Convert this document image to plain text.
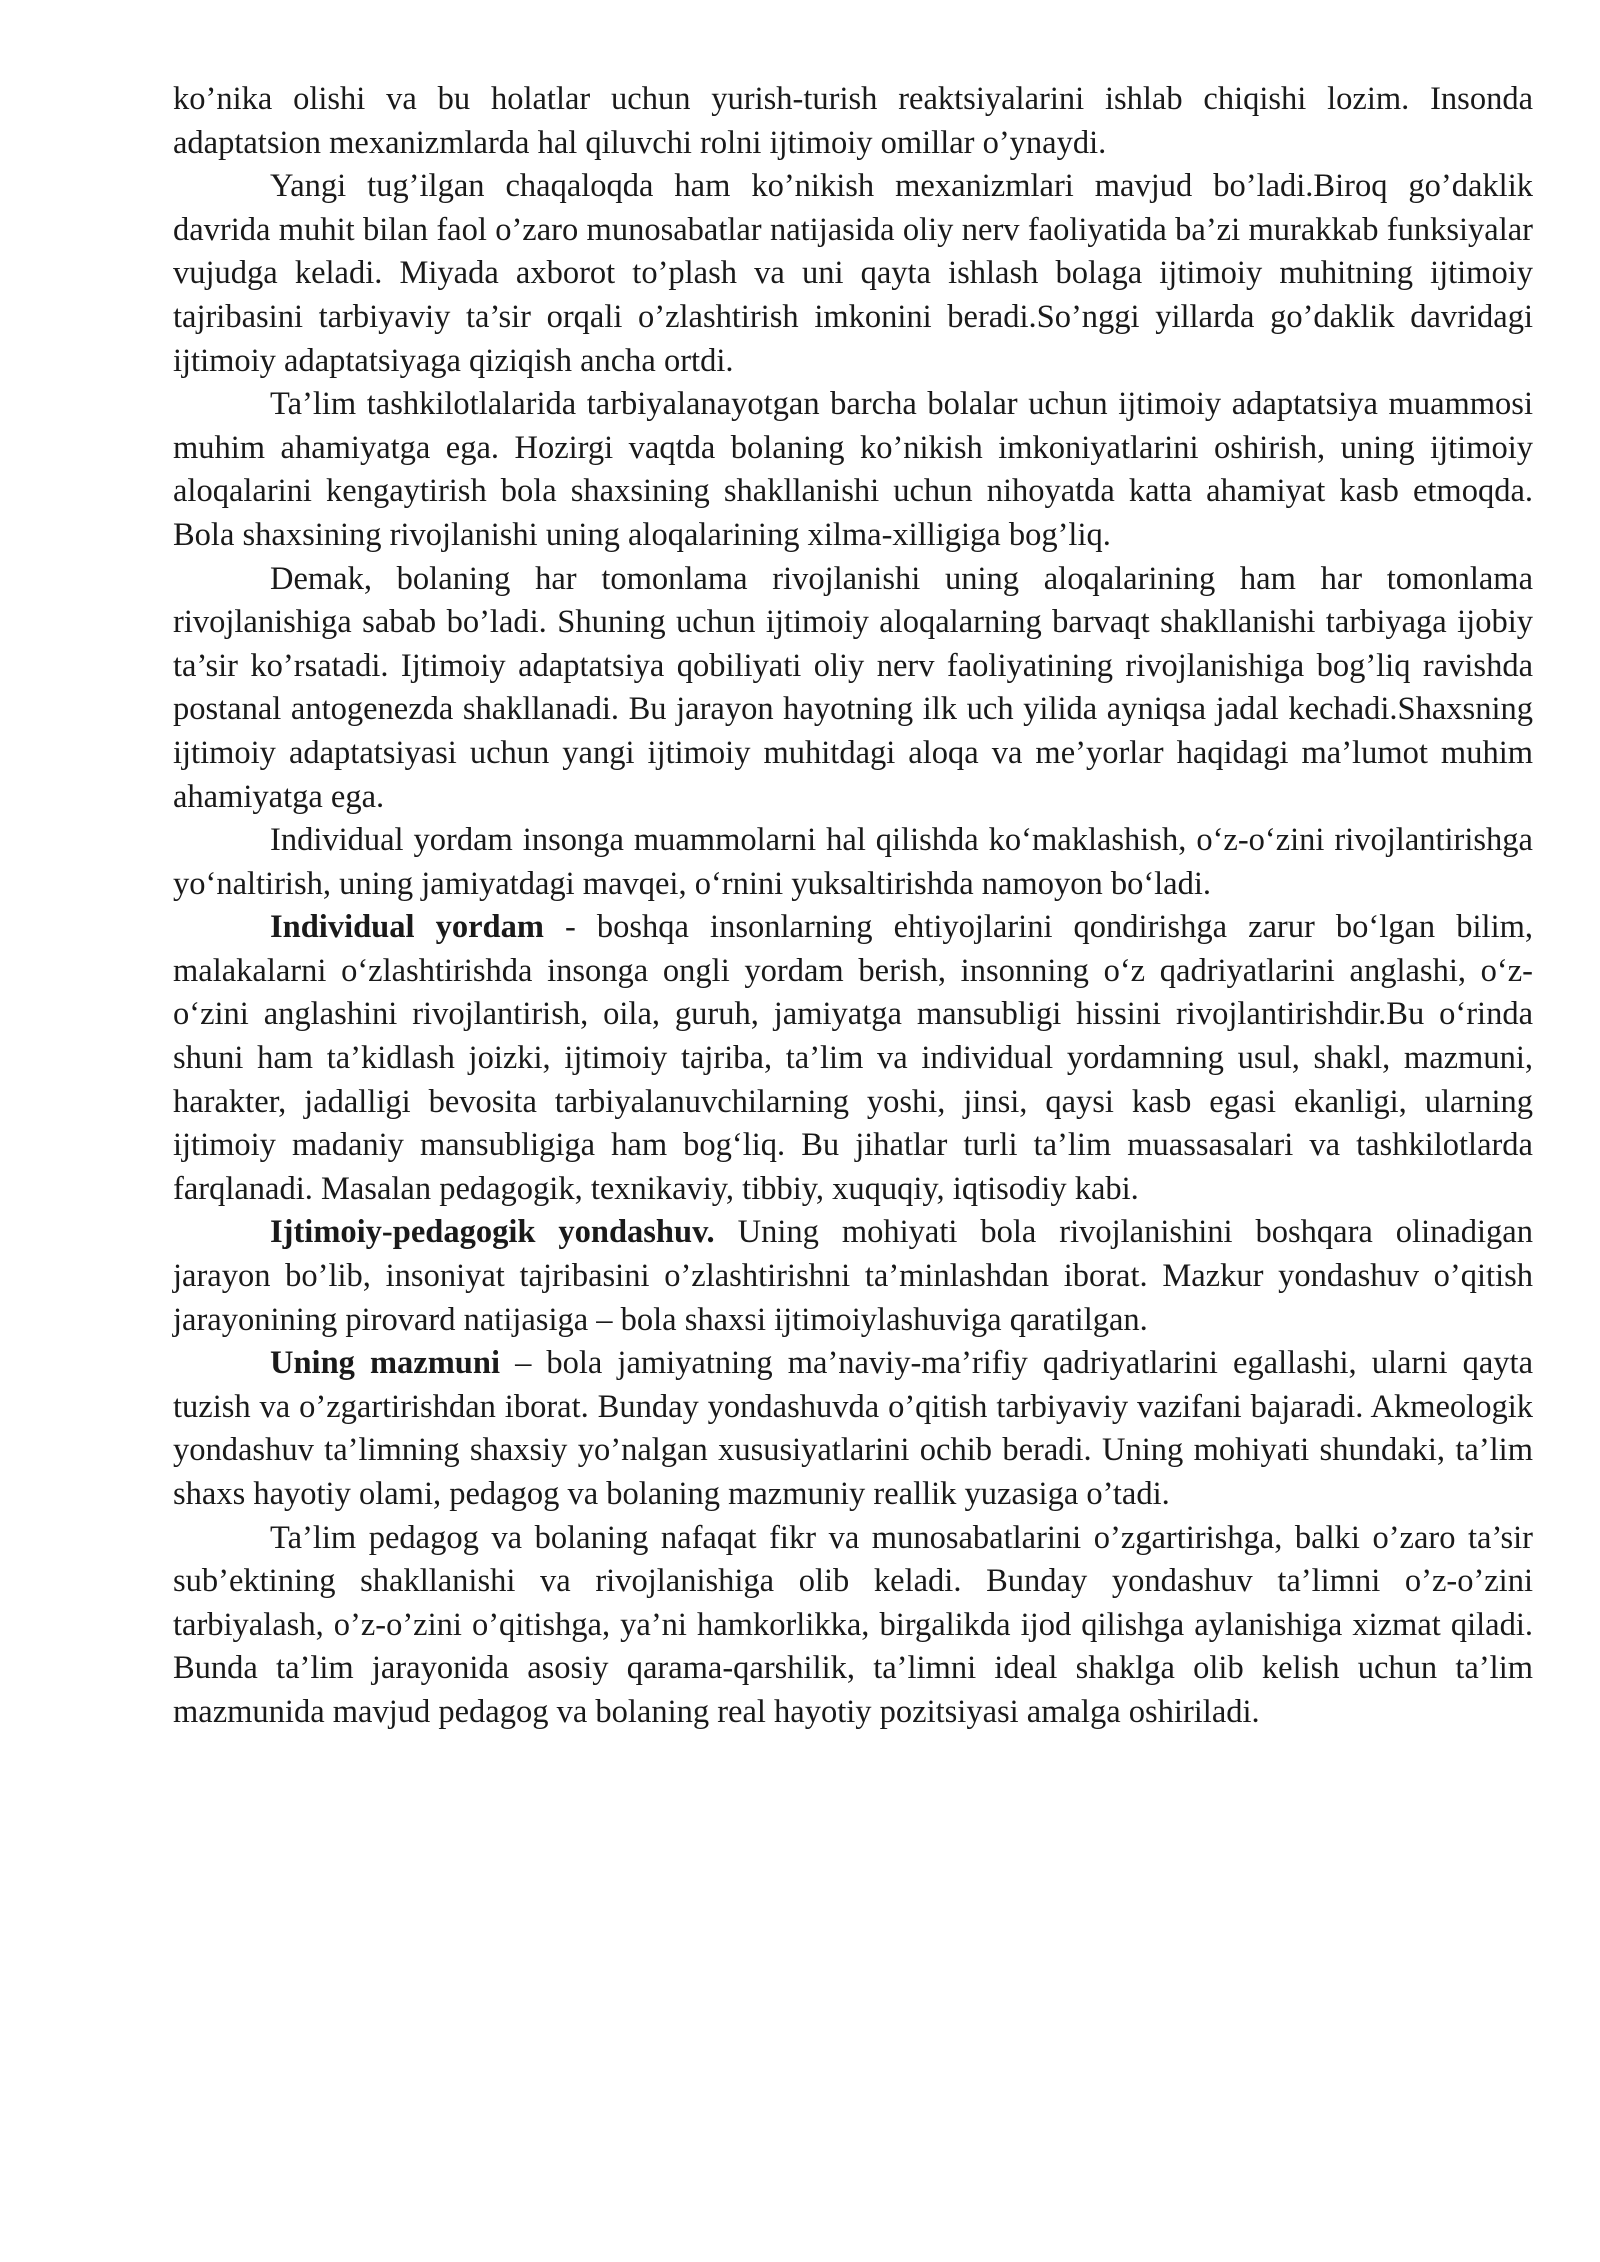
ko’nika olishi va bu holatlar uchun yurish-turish reaktsiyalarini ishlab chiqishi lozim. Insonda adaptatsion mexanizmlarda hal qiluvchi rolni ijtimoiy omillar o’ynaydi.

Yangi tug’ilgan chaqaloqda ham ko’nikish mexanizmlari mavjud bo’ladi.Biroq go’daklik davrida muhit bilan faol o’zaro munosabatlar natijasida oliy nerv faoliyatida ba’zi murakkab funksiyalar vujudga keladi. Miyada axborot to’plash va uni qayta ishlash bolaga ijtimoiy muhitning ijtimoiy tajribasini tarbiyaviy ta’sir orqali o’zlashtirish imkonini beradi.So’nggi yillarda go’daklik davridagi ijtimoiy adaptatsiyaga qiziqish ancha ortdi.

Ta’lim tashkilotlalarida tarbiyalanayotgan barcha bolalar uchun ijtimoiy adaptatsiya muammosi muhim ahamiyatga ega. Hozirgi vaqtda bolaning ko’nikish imkoniyatlarini oshirish, uning ijtimoiy aloqalarini kengaytirish bola shaxsining shakllanishi uchun nihoyatda katta ahamiyat kasb etmoqda. Bola shaxsining rivojlanishi uning aloqalarining xilma-xilligiga bog’liq.

Demak, bolaning har tomonlama rivojlanishi uning aloqalarining ham har tomonlama rivojlanishiga sabab bo’ladi. Shuning uchun ijtimoiy aloqalarning barvaqt shakllanishi tarbiyaga ijobiy ta’sir ko’rsatadi. Ijtimoiy adaptatsiya qobiliyati oliy nerv faoliyatining rivojlanishiga bog’liq ravishda postanal antogenezda shakllanadi. Bu jarayon hayotning ilk uch yilida ayniqsa jadal kechadi.Shaxsning ijtimoiy adaptatsiyasi uchun yangi ijtimoiy muhitdagi aloqa va me’yorlar haqidagi ma’lumot muhim ahamiyatga ega.

Individual yordam insonga muammolarni hal qilishda ko‘maklashish, o‘z-o‘zini rivojlantirishga yo‘naltirish, uning jamiyatdagi mavqei, o‘rnini yuksaltirishda namoyon bo‘ladi.

Individual yordam - boshqa insonlarning ehtiyojlarini qondirishga zarur bo‘lgan bilim, malakalarni o‘zlashtirishda insonga ongli yordam berish, insonning o‘z qadriyatlarini anglashi, o‘z-o‘zini anglashini rivojlantirish, oila, guruh, jamiyatga mansubligi hissini rivojlantirishdir.Bu o‘rinda shuni ham ta’kidlash joizki, ijtimoiy tajriba, ta’lim va individual yordamning usul, shakl, mazmuni, harakter, jadalligi bevosita tarbiyalanuvchilarning yoshi, jinsi, qaysi kasb egasi ekanligi, ularning ijtimoiy madaniy mansubligiga ham bog‘liq. Bu jihatlar turli ta’lim muassasalari va tashkilotlarda farqlanadi. Masalan pedagogik, texnikaviy, tibbiy, xuquqiy, iqtisodiy kabi.

Ijtimoiy-pedagogik yondashuv. Uning mohiyati bola rivojlanishini boshqara olinadigan jarayon bo’lib, insoniyat tajribasini o’zlashtirishni ta’minlashdan iborat. Mazkur yondashuv o’qitish jarayonining pirovard natijasiga – bola shaxsi ijtimoiylashuviga qaratilgan.

Uning mazmuni – bola jamiyatning ma’naviy-ma’rifiy qadriyatlarini egallashi, ularni qayta tuzish va o’zgartirishdan iborat. Bunday yondashuvda o’qitish tarbiyaviy vazifani bajaradi. Akmeologik yondashuv ta’limning shaxsiy yo’nalgan xususiyatlarini ochib beradi. Uning mohiyati shundaki, ta’lim shaxs hayotiy olami, pedagog va bolaning mazmuniy reallik yuzasiga o’tadi.

Ta’lim pedagog va bolaning nafaqat fikr va munosabatlarini o’zgartirishga, balki o’zaro ta’sir sub’ektining shakllanishi va rivojlanishiga olib keladi. Bunday yondashuv ta’limni o’z-o’zini tarbiyalash, o’z-o’zini o’qitishga, ya’ni hamkorlikka, birgalikda ijod qilishga aylanishiga xizmat qiladi. Bunda ta’lim jarayonida asosiy qarama-qarshilik, ta’limni ideal shaklga olib kelish uchun ta’lim mazmunida mavjud pedagog va bolaning real hayotiy pozitsiyasi amalga oshiriladi.
